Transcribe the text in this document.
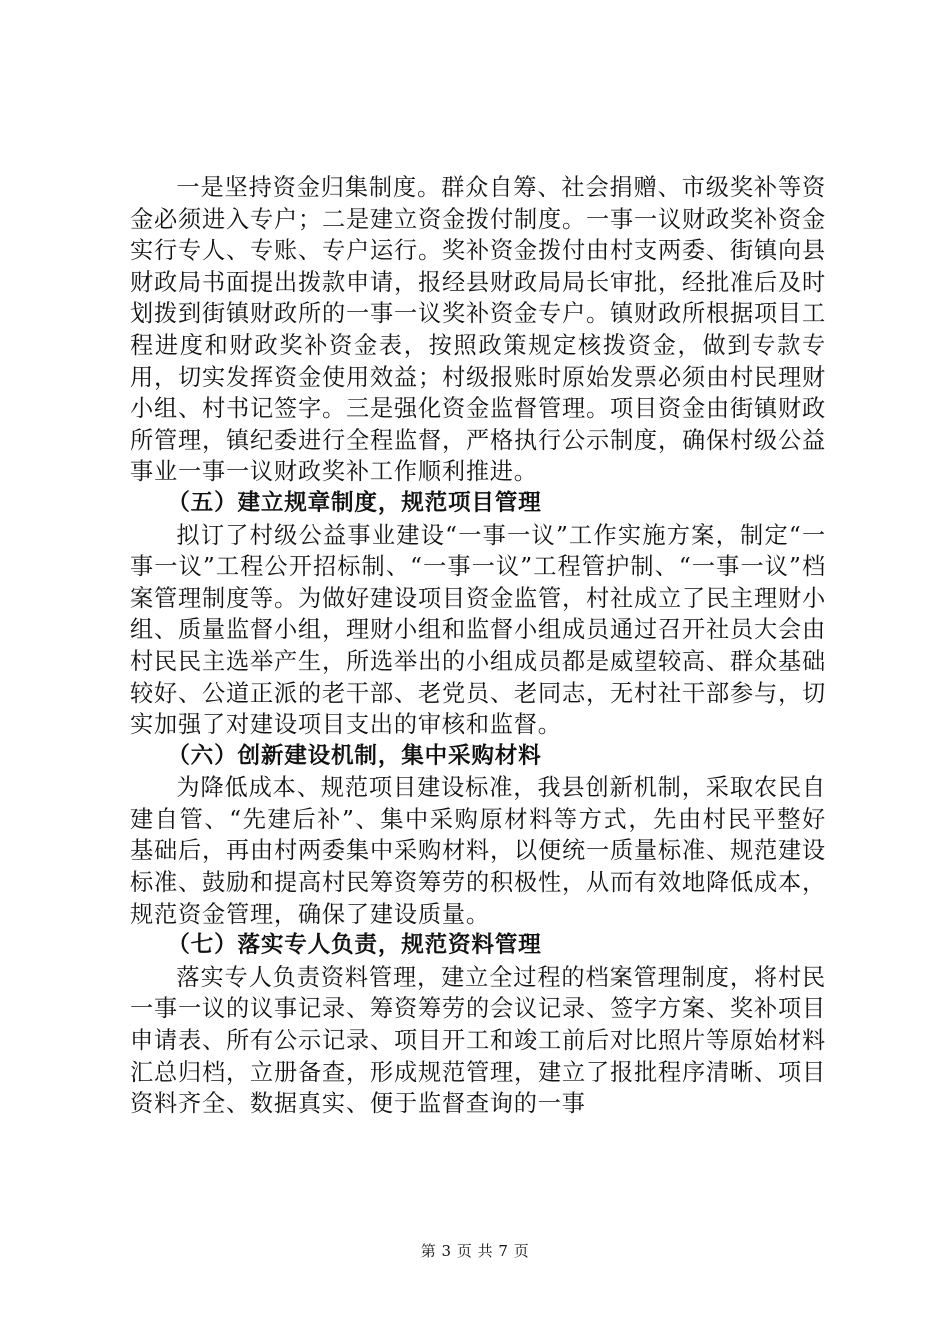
一是坚持资金归集制度。群众自筹、社会捐赠、市级奖补等资金必须进入专户；二是建立资金拨付制度。一事一议财政奖补资金实行专人、专账、专户运行。奖补资金拨付由村支两委、街镇向县财政局书面提出拨款申请，报经县财政局局长审批，经批准后及时划拨到街镇财政所的一事一议奖补资金专户。镇财政所根据项目工程进度和财政奖补资金表，按照政策规定核拨资金，做到专款专用，切实发挥资金使用效益；村级报账时原始发票必须由村民理财小组、村书记签字。三是强化资金监督管理。项目资金由街镇财政所管理，镇纪委进行全程监督，严格执行公示制度，确保村级公益事业一事一议财政奖补工作顺利推进。

（五）建立规章制度，规范项目管理

拟订了村级公益事业建设“一事一议”工作实施方案，制定“一事一议”工程公开招标制、“一事一议”工程管护制、“一事一议”档案管理制度等。为做好建设项目资金监管，村社成立了民主理财小组、质量监督小组，理财小组和监督小组成员通过召开社员大会由村民民主选举产生，所选举出的小组成员都是威望较高、群众基础较好、公道正派的老干部、老党员、老同志，无村社干部参与，切实加强了对建设项目支出的审核和监督。

（六）创新建设机制，集中采购材料

为降低成本、规范项目建设标准，我县创新机制，采取农民自建自管、“先建后补”、集中采购原材料等方式，先由村民平整好基础后，再由村两委集中采购材料，以便统一质量标准、规范建设标准、鼓励和提高村民筹资筹劳的积极性，从而有效地降低成本，规范资金管理，确保了建设质量。

（七）落实专人负责，规范资料管理

落实专人负责资料管理，建立全过程的档案管理制度，将村民一事一议的议事记录、筹资筹劳的会议记录、签字方案、奖补项目申请表、所有公示记录、项目开工和竣工前后对比照片等原始材料汇总归档，立册备查，形成规范管理，建立了报批程序清晰、项目资料齐全、数据真实、便于监督查询的一事

第 3 页 共 7 页
